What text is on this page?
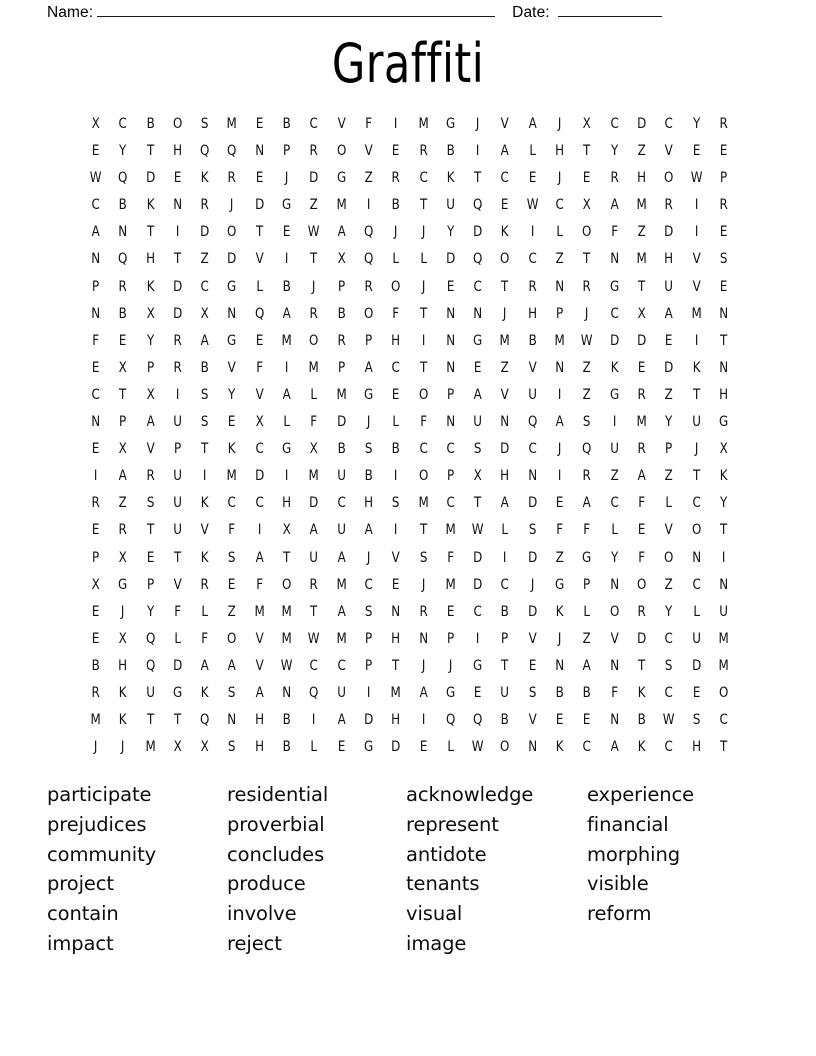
Name:	Date:
Graffiti
X	C	B	O	S	M	E	B	C	V	F	I	M	G	J	V	A	J	X	C	D	C	Y	R
E	Y	T	H	Q	Q	N	P	R	O	V	E	R	B	I	A	L	H	T	Y	Z	V	E	E
W	Q	D	E	K	R	E	J	D	G	Z	R	C	K	T	C	E	J	E	R	H	O	W	P
C	B	K	N	R	J	D	G	Z	M	I	B	T	U	Q	E	W	C	X	A	M	R	I	R
A	N	T	I	D	O	T	E	W	A	Q	J	J	Y	D	K	I	L	O	F	Z	D	I	E
N	Q	H	T	Z	D	V	I	T	X	Q	L	L	D	Q	O	C	Z	T	N	M	H	V	S
P	R	K	D	C	G	L	B	J	P	R	O	J	E	C	T	R	N	R	G	T	U	V	E
N	B	X	D	X	N	Q	A	R	B	O	F	T	N	N	J	H	P	J	C	X	A	M	N
F	E	Y	R	A	G	E	M	O	R	P	H	I	N	G	M	B	M	W	D	D	E	I	T
E	X	P	R	B	V	F	I	M	P	A	C	T	N	E	Z	V	N	Z	K	E	D	K	N
C	T	X	I	S	Y	V	A	L	M	G	E	O	P	A	V	U	I	Z	G	R	Z	T	H
N	P	A	U	S	E	X	L	F	D	J	L	F	N	U	N	Q	A	S	I	M	Y	U	G
E	X	V	P	T	K	C	G	X	B	S	B	C	C	S	D	C	J	Q	U	R	P	J	X
I	A	R	U	I	M	D	I	M	U	B	I	O	P	X	H	N	I	R	Z	A	Z	T	K
R	Z	S	U	K	C	C	H	D	C	H	S	M	C	T	A	D	E	A	C	F	L	C	Y
E	R	T	U	V	F	I	X	A	U	A	I	T	M	W	L	S	F	F	L	E	V	O	T
P	X	E	T	K	S	A	T	U	A	J	V	S	F	D	I	D	Z	G	Y	F	O	N	I
X	G	P	V	R	E	F	O	R	M	C	E	J	M	D	C	J	G	P	N	O	Z	C	N
E	J	Y	F	L	Z	M	M	T	A	S	N	R	E	C	B	D	K	L	O	R	Y	L	U
E	X	Q	L	F	O	V	M	W	M	P	H	N	P	I	P	V	J	Z	V	D	C	U	M
B	H	Q	D	A	A	V	W	C	C	P	T	J	J	G	T	E	N	A	N	T	S	D	M
R	K	U	G	K	S	A	N	Q	U	I	M	A	G	E	U	S	B	B	F	K	C	E	O
M	K	T	T	Q	N	H	B	I	A	D	H	I	Q	Q	B	V	E	E	N	B	W	S	C
J	J	M	X	X	S	H	B	L	E	G	D	E	L	W	O	N	K	C	A	K	C	H	T
participate
prejudices
community
project
contain
impact
residential
proverbial
concludes
produce
involve
reject
acknowledge
represent
antidote
tenants
visual
image
experience
financial
morphing
visible
reform
